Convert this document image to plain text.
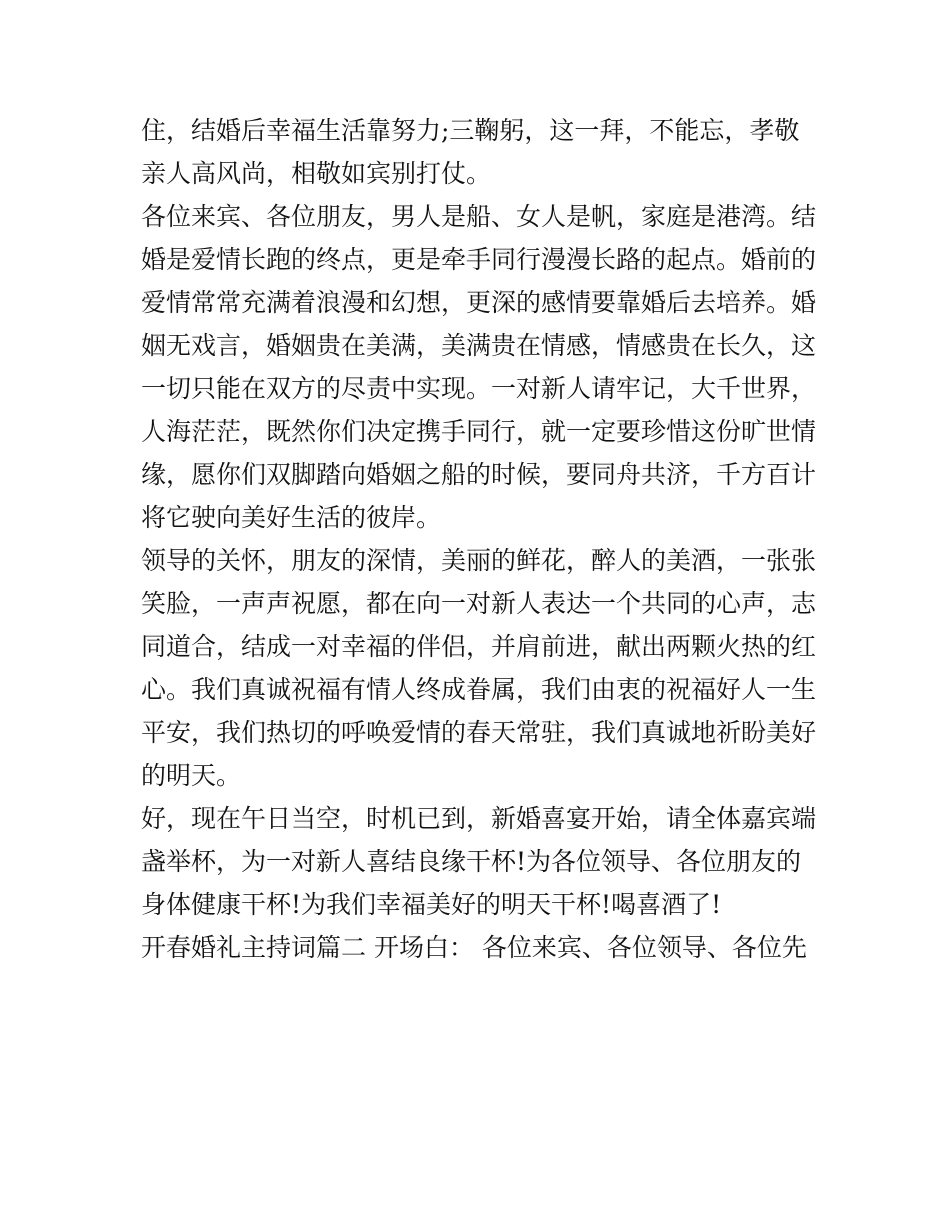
住，结婚后幸福生活靠努力;三鞠躬，这一拜，不能忘，孝敬
亲人高风尚，相敬如宾别打仗。
各位来宾、各位朋友，男人是船、女人是帆，家庭是港湾。结
婚是爱情长跑的终点，更是牵手同行漫漫长路的起点。婚前的
爱情常常充满着浪漫和幻想，更深的感情要靠婚后去培养。婚
姻无戏言，婚姻贵在美满，美满贵在情感，情感贵在长久，这
一切只能在双方的尽责中实现。一对新人请牢记，大千世界，
人海茫茫，既然你们决定携手同行，就一定要珍惜这份旷世情
缘，愿你们双脚踏向婚姻之船的时候，要同舟共济，千方百计
将它驶向美好生活的彼岸。
领导的关怀，朋友的深情，美丽的鲜花，醉人的美酒，一张张
笑脸，一声声祝愿，都在向一对新人表达一个共同的心声，志
同道合，结成一对幸福的伴侣，并肩前进，献出两颗火热的红
心。我们真诚祝福有情人终成眷属，我们由衷的祝福好人一生
平安，我们热切的呼唤爱情的春天常驻，我们真诚地祈盼美好
的明天。
好，现在午日当空，时机已到，新婚喜宴开始，请全体嘉宾端
盏举杯，为一对新人喜结良缘干杯!为各位领导、各位朋友的
身体健康干杯!为我们幸福美好的明天干杯!喝喜酒了!
开春婚礼主持词篇二 开场白： 各位来宾、各位领导、各位先
